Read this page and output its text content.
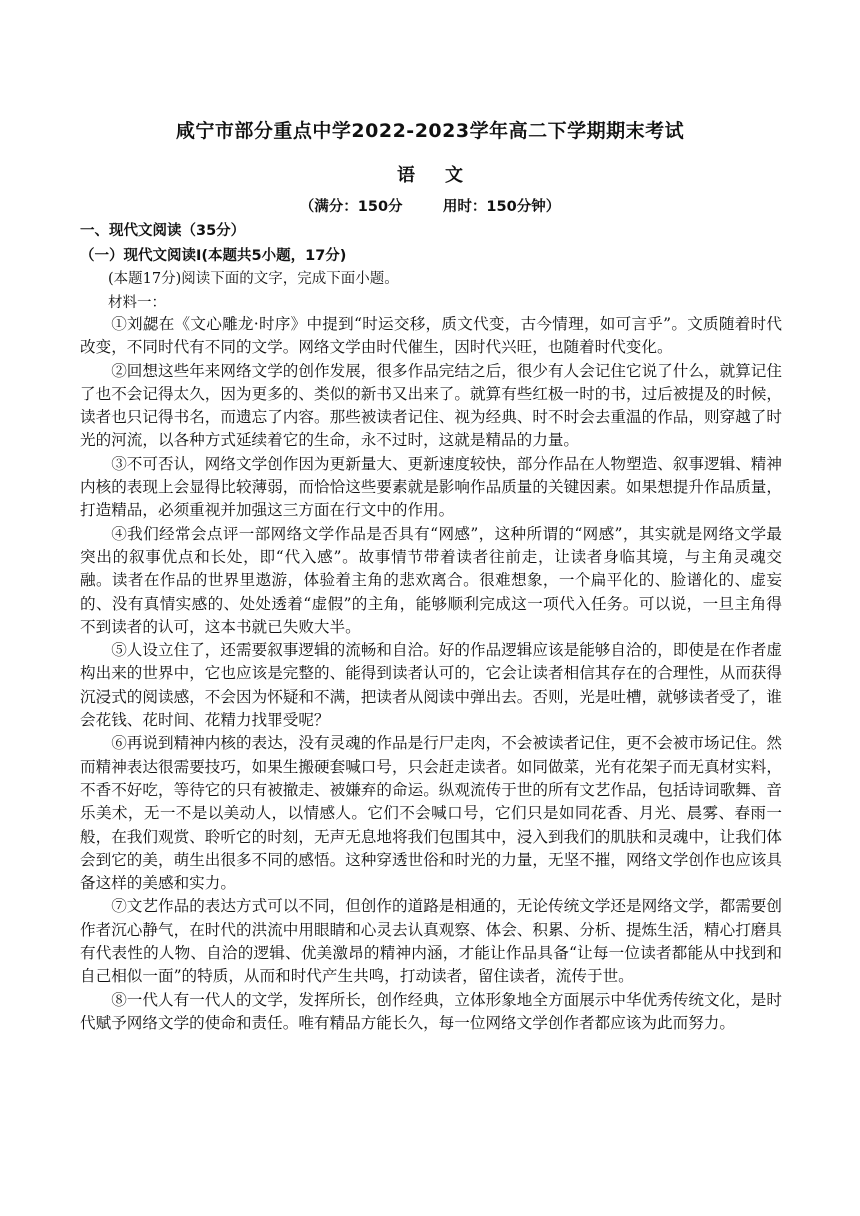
咸宁市部分重点中学2022-2023学年高二下学期期末考试
语文
（满分：150分        用时：150分钟）
一、现代文阅读（35分）
（一）现代文阅读Ⅰ(本题共5小题，17分)
(本题17分)阅读下面的文字，完成下面小题。
材料一：

①刘勰在《文心雕龙·时序》中提到“时运交移，质文代变，古今情理，如可言乎”。文质随着时代改变，不同时代有不同的文学。网络文学由时代催生，因时代兴旺，也随着时代变化。

②回想这些年来网络文学的创作发展，很多作品完结之后，很少有人会记住它说了什么，就算记住了也不会记得太久，因为更多的、类似的新书又出来了。就算有些红极一时的书，过后被提及的时候，读者也只记得书名，而遗忘了内容。那些被读者记住、视为经典、时不时会去重温的作品，则穿越了时光的河流，以各种方式延续着它的生命，永不过时，这就是精品的力量。

③不可否认，网络文学创作因为更新量大、更新速度较快，部分作品在人物塑造、叙事逻辑、精神内核的表现上会显得比较薄弱，而恰恰这些要素就是影响作品质量的关键因素。如果想提升作品质量，打造精品，必须重视并加强这三方面在行文中的作用。

④我们经常会点评一部网络文学作品是否具有“网感”，这种所谓的“网感”，其实就是网络文学最突出的叙事优点和长处，即“代入感”。故事情节带着读者往前走，让读者身临其境，与主角灵魂交融。读者在作品的世界里遨游，体验着主角的悲欢离合。很难想象，一个扁平化的、脸谱化的、虚妄的、没有真情实感的、处处透着“虚假”的主角，能够顺利完成这一项代入任务。可以说，一旦主角得不到读者的认可，这本书就已失败大半。

⑤人设立住了，还需要叙事逻辑的流畅和自洽。好的作品逻辑应该是能够自洽的，即使是在作者虚构出来的世界中，它也应该是完整的、能得到读者认可的，它会让读者相信其存在的合理性，从而获得沉浸式的阅读感，不会因为怀疑和不满，把读者从阅读中弹出去。否则，光是吐槽，就够读者受了，谁会花钱、花时间、花精力找罪受呢？

⑥再说到精神内核的表达，没有灵魂的作品是行尸走肉，不会被读者记住，更不会被市场记住。然而精神表达很需要技巧，如果生搬硬套喊口号，只会赶走读者。如同做菜，光有花架子而无真材实料，不香不好吃，等待它的只有被撤走、被嫌弃的命运。纵观流传于世的所有文艺作品，包括诗词歌舞、音乐美术，无一不是以美动人，以情感人。它们不会喊口号，它们只是如同花香、月光、晨雾、春雨一般，在我们观赏、聆听它的时刻，无声无息地将我们包围其中，浸入到我们的肌肤和灵魂中，让我们体会到它的美，萌生出很多不同的感悟。这种穿透世俗和时光的力量，无坚不摧，网络文学创作也应该具备这样的美感和实力。

⑦文艺作品的表达方式可以不同，但创作的道路是相通的，无论传统文学还是网络文学，都需要创作者沉心静气，在时代的洪流中用眼睛和心灵去认真观察、体会、积累、分析、提炼生活，精心打磨具有代表性的人物、自洽的逻辑、优美激昂的精神内涵，才能让作品具备“让每一位读者都能从中找到和自己相似一面”的特质，从而和时代产生共鸣，打动读者，留住读者，流传于世。

⑧一代人有一代人的文学，发挥所长，创作经典，立体形象地全方面展示中华优秀传统文化，是时代赋予网络文学的使命和责任。唯有精品方能长久，每一位网络文学创作者都应该为此而努力。
